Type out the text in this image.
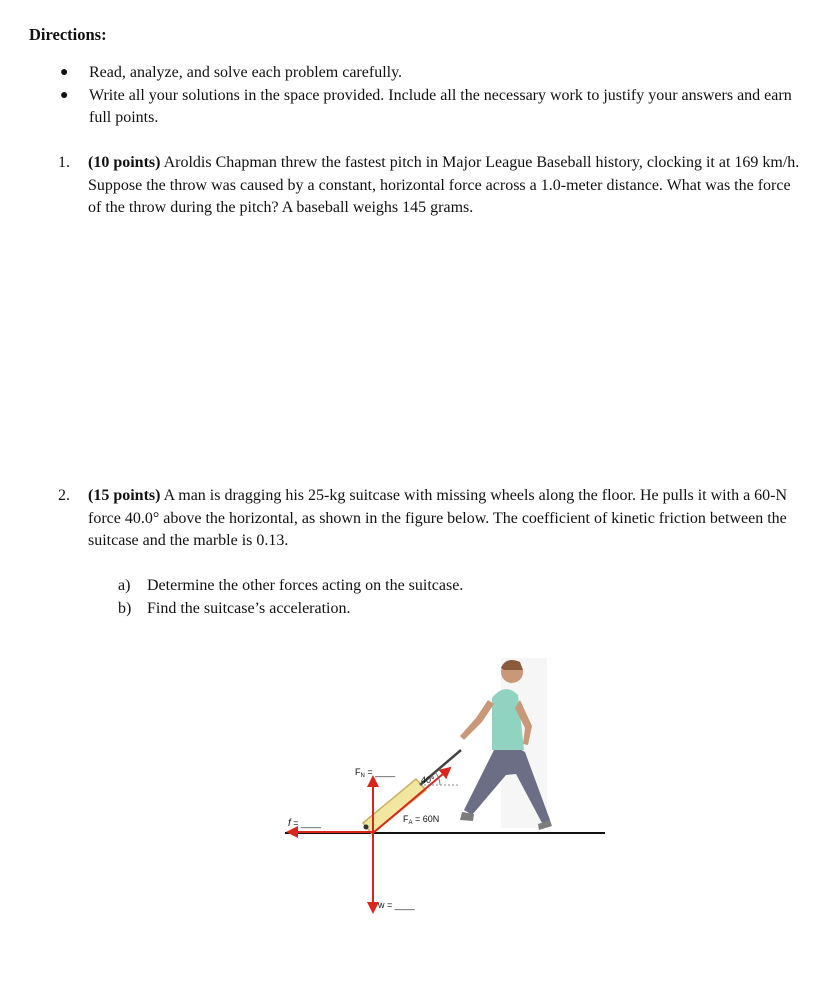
Directions:
● Read, analyze, and solve each problem carefully.
● Write all your solutions in the space provided. Include all the necessary work to justify your answers and earn full points.
1. (10 points) Aroldis Chapman threw the fastest pitch in Major League Baseball history, clocking it at 169 km/h. Suppose the throw was caused by a constant, horizontal force across a 1.0-meter distance. What was the force of the throw during the pitch? A baseball weighs 145 grams.
2. (15 points) A man is dragging his 25-kg suitcase with missing wheels along the floor. He pulls it with a 60-N force 40.0° above the horizontal, as shown in the figure below. The coefficient of kinetic friction between the suitcase and the marble is 0.13.
a) Determine the other forces acting on the suitcase.
b) Find the suitcase’s acceleration.
40°
$F_N$ = ____
f = ____	$F_A = 60N$
w = ____
